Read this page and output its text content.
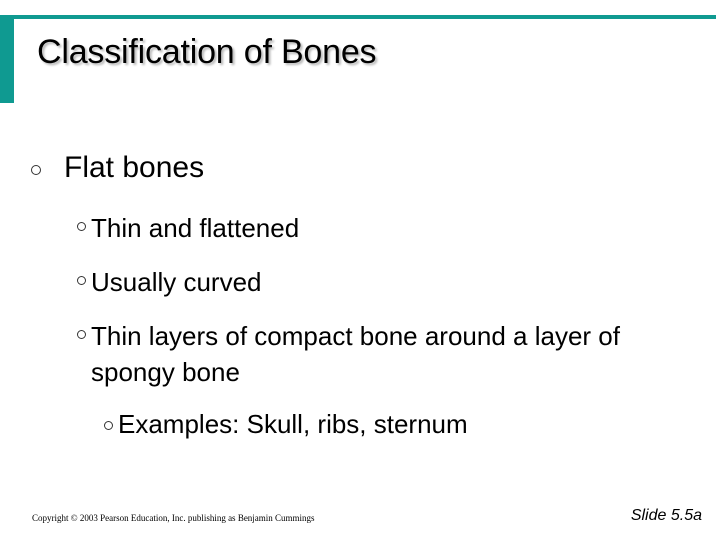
Classification of Bones
Flat bones
Thin and flattened
Usually curved
Thin layers of compact bone around a layer of spongy bone
Examples: Skull, ribs, sternum
Copyright © 2003 Pearson Education, Inc. publishing as Benjamin Cummings	Slide 5.5a
